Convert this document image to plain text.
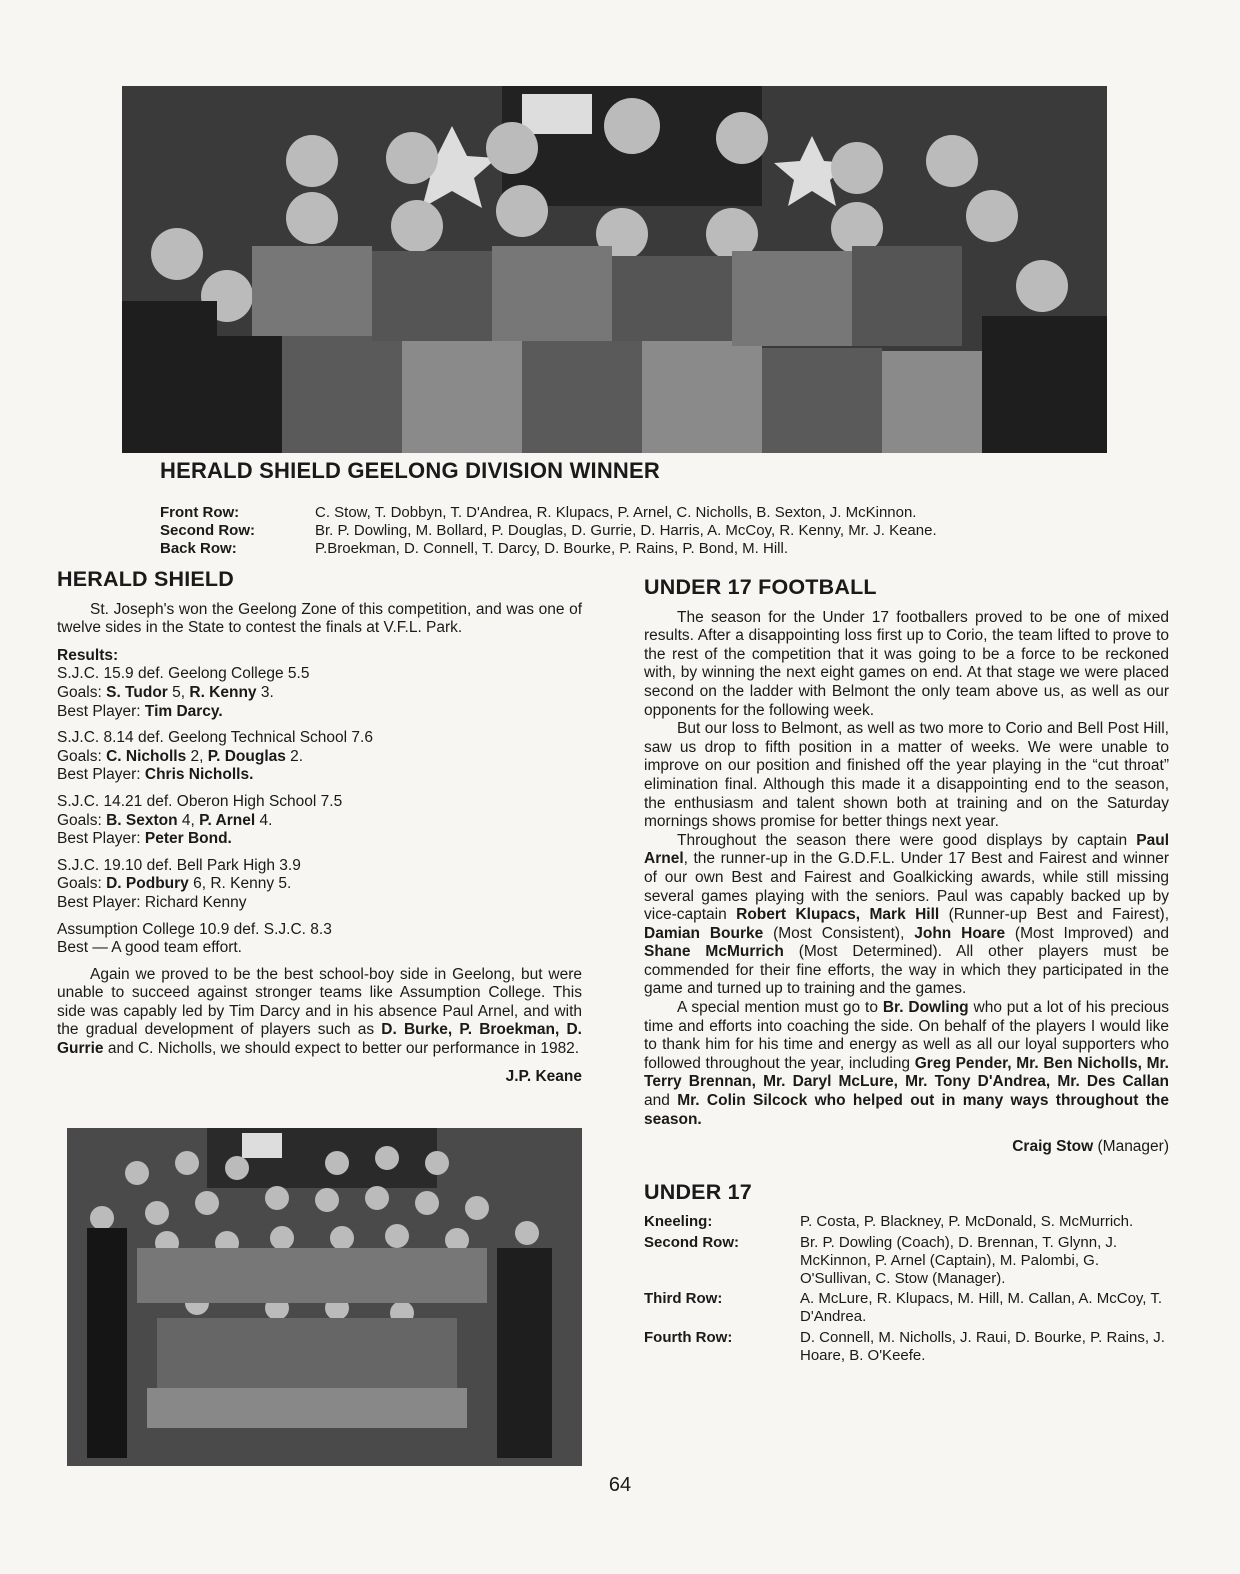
HERALD SHIELD GEELONG DIVISION WINNER
Front Row:	C. Stow, T. Dobbyn, T. D'Andrea, R. Klupacs, P. Arnel, C. Nicholls, B. Sexton, J. McKinnon.
Second Row:	Br. P. Dowling, M. Bollard, P. Douglas, D. Gurrie, D. Harris, A. McCoy, R. Kenny, Mr. J. Keane.
Back Row:	P.Broekman, D. Connell, T. Darcy, D. Bourke, P. Rains, P. Bond, M. Hill.
HERALD SHIELD

St. Joseph's won the Geelong Zone of this competition, and was one of twelve sides in the State to contest the finals at V.F.L. Park.

Results:

S.J.C. 15.9 def. Geelong College 5.5

Goals: S. Tudor 5, R. Kenny 3.

Best Player: Tim Darcy.

S.J.C. 8.14 def. Geelong Technical School 7.6

Goals: C. Nicholls 2, P. Douglas 2.

Best Player: Chris Nicholls.

S.J.C. 14.21 def. Oberon High School 7.5

Goals: B. Sexton 4, P. Arnel 4.

Best Player: Peter Bond.

S.J.C. 19.10 def. Bell Park High 3.9

Goals: D. Podbury 6, R. Kenny 5.

Best Player: Richard Kenny

Assumption College 10.9 def. S.J.C. 8.3

Best — A good team effort.

Again we proved to be the best school-boy side in Geelong, but were unable to succeed against stronger teams like Assumption College. This side was capably led by Tim Darcy and in his absence Paul Arnel, and with the gradual development of players such as D. Burke, P. Broekman, D. Gurrie and C. Nicholls, we should expect to better our performance in 1982.

J.P. Keane

UNDER 17 FOOTBALL

The season for the Under 17 footballers proved to be one of mixed results. After a disappointing loss first up to Corio, the team lifted to prove to the rest of the competition that it was going to be a force to be reckoned with, by winning the next eight games on end. At that stage we were placed second on the ladder with Belmont the only team above us, as well as our opponents for the following week.

But our loss to Belmont, as well as two more to Corio and Bell Post Hill, saw us drop to fifth position in a matter of weeks. We were unable to improve on our position and finished off the year playing in the “cut throat” elimination final. Although this made it a disappointing end to the season, the enthusiasm and talent shown both at training and on the Saturday mornings shows promise for better things next year.

Throughout the season there were good displays by captain Paul Arnel, the runner-up in the G.D.F.L. Under 17 Best and Fairest and winner of our own Best and Fairest and Goalkicking awards, while still missing several games playing with the seniors. Paul was capably backed up by vice-captain Robert Klupacs, Mark Hill (Runner-up Best and Fairest), Damian Bourke (Most Consistent), John Hoare (Most Improved) and Shane McMurrich (Most Determined). All other players must be commended for their fine efforts, the way in which they participated in the game and turned up to training and the games.

A special mention must go to Br. Dowling who put a lot of his precious time and efforts into coaching the side. On behalf of the players I would like to thank him for his time and energy as well as all our loyal supporters who followed throughout the year, including Greg Pender, Mr. Ben Nicholls, Mr. Terry Brennan, Mr. Daryl McLure, Mr. Tony D'Andrea, Mr. Des Callan and Mr. Colin Silcock who helped out in many ways throughout the season.

Craig Stow (Manager)

UNDER 17
Kneeling:	P. Costa, P. Blackney, P. McDonald, S. McMurrich.
Second Row:	Br. P. Dowling (Coach), D. Brennan, T. Glynn, J. McKinnon, P. Arnel (Captain), M. Palombi, G. O'Sullivan, C. Stow (Manager).
Third Row:	A. McLure, R. Klupacs, M. Hill, M. Callan, A. McCoy, T. D'Andrea.
Fourth Row:	D. Connell, M. Nicholls, J. Raui, D. Bourke, P. Rains, J. Hoare, B. O'Keefe.
64
